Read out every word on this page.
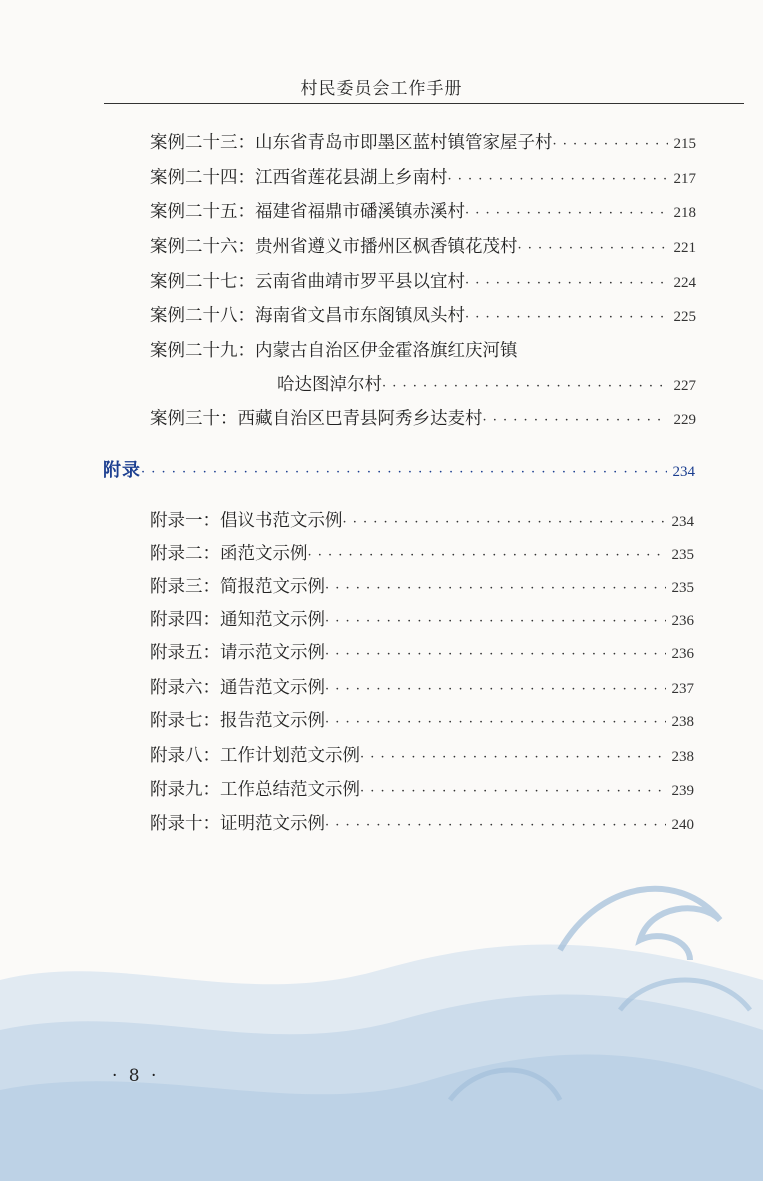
村民委员会工作手册
案例二十三：山东省青岛市即墨区蓝村镇管家屋子村 · · ·	215
案例二十四：江西省莲花县湖上乡南村 · · ·	217
案例二十五：福建省福鼎市磻溪镇赤溪村 · · ·	218
案例二十六：贵州省遵义市播州区枫香镇花茂村 · · ·	221
案例二十七：云南省曲靖市罗平县以宜村 · · ·	224
案例二十八：海南省文昌市东阁镇凤头村 · · ·	225
案例二十九：内蒙古自治区伊金霍洛旗红庆河镇
哈达图淖尔村 · · ·	227
案例三十：西藏自治区巴青县阿秀乡达麦村 · · ·	229
附录 · · ·	234
附录一：倡议书范文示例 · · ·	234
附录二：函范文示例 · · ·	235
附录三：简报范文示例 · · ·	235
附录四：通知范文示例 · · ·	236
附录五：请示范文示例 · · ·	236
附录六：通告范文示例 · · ·	237
附录七：报告范文示例 · · ·	238
附录八：工作计划范文示例 · · ·	238
附录九：工作总结范文示例 · · ·	239
附录十：证明范文示例 · · ·	240
· 8 ·
